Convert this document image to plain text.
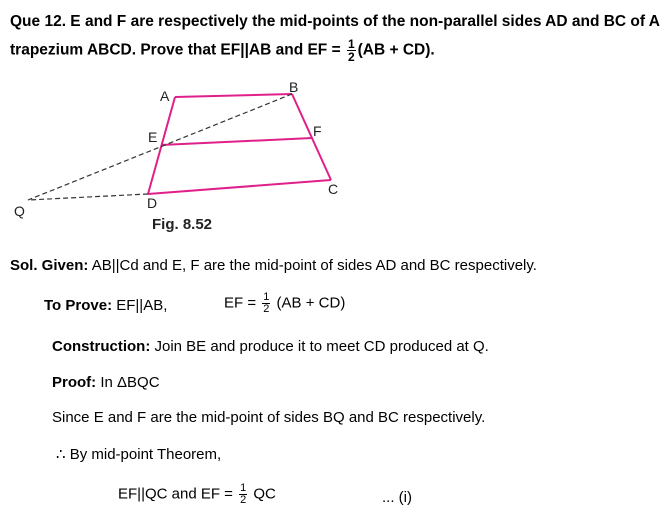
Que 12. E and F are respectively the mid-points of the non-parallel sides AD and BC of A
trapezium ABCD. Prove that EF||AB and EF = $\frac{1}{2} (AB + CD)$.
A
B
C
D
E	F
Q
Fig. 8.52
Sol. Given: AB||Cd and E, F are the mid-point of sides AD and BC respectively.
To Prove: EF||AB,	EF = $\frac{1}{2} (AB + CD)$
Construction: Join BE and produce it to meet CD produced at Q.
Proof: In ΔBQC
Since E and F are the mid-point of sides BQ and BC respectively.
∴ By mid-point Theorem,
EF||QC and EF = $\frac{1}{2}$ QC	... (i)
